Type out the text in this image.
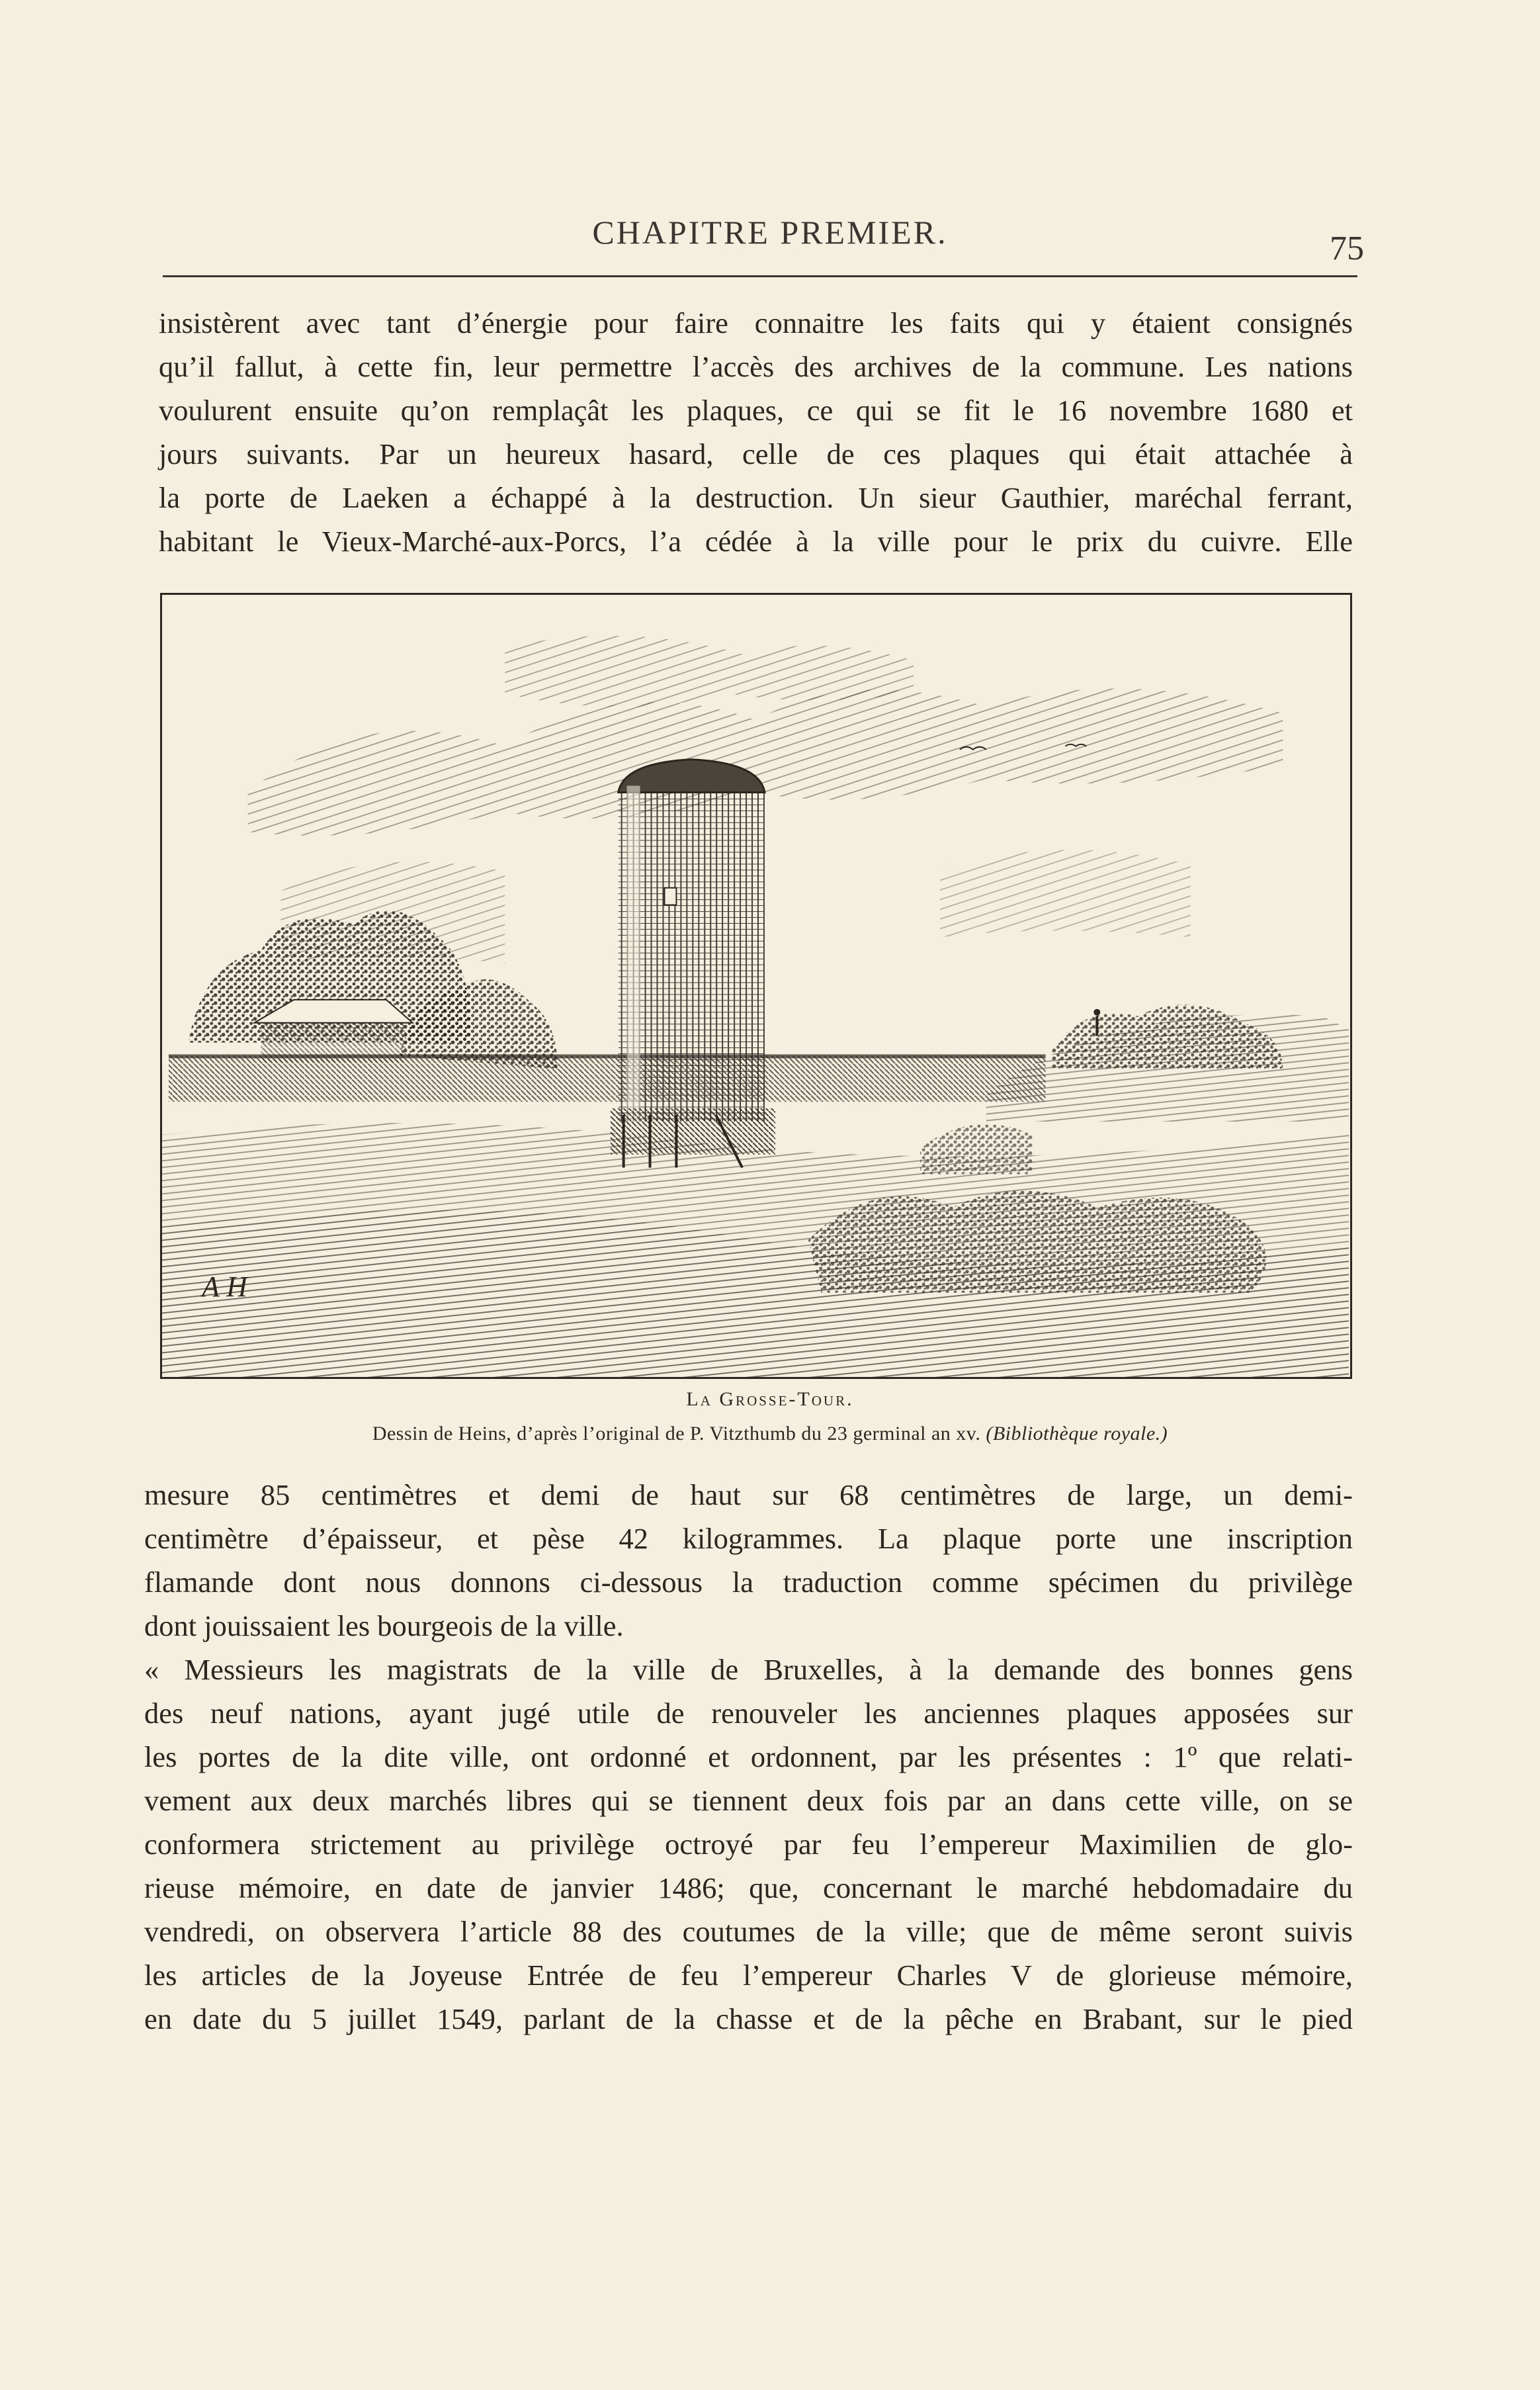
CHAPITRE PREMIER.	75
insistèrent avec tant d’énergie pour faire connaitre les faits qui y étaient consignés
qu’il fallut, à cette fin, leur permettre l’accès des archives de la commune. Les nations
voulurent ensuite qu’on remplaçât les plaques, ce qui se fit le 16 novembre 1680 et
jours suivants. Par un heureux hasard, celle de ces plaques qui était attachée à
la porte de Laeken a échappé à la destruction. Un sieur Gauthier, maréchal ferrant,
habitant le Vieux-Marché-aux-Porcs, l’a cédée à la ville pour le prix du cuivre. Elle
A H
La Grosse-Tour.
Dessin de Heins, d’après l’original de P. Vitzthumb du 23 germinal an xv. (Bibliothèque royale.)
mesure 85 centimètres et demi de haut sur 68 centimètres de large, un demi-
centimètre d’épaisseur, et pèse 42 kilogrammes. La plaque porte une inscription
flamande dont nous donnons ci-dessous la traduction comme spécimen du privilège
dont jouissaient les bourgeois de la ville.
« Messieurs les magistrats de la ville de Bruxelles, à la demande des bonnes gens
des neuf nations, ayant jugé utile de renouveler les anciennes plaques apposées sur
les portes de la dite ville, ont ordonné et ordonnent, par les présentes : 1º que relati-
vement aux deux marchés libres qui se tiennent deux fois par an dans cette ville, on se
conformera strictement au privilège octroyé par feu l’empereur Maximilien de glo-
rieuse mémoire, en date de janvier 1486; que, concernant le marché hebdomadaire du
vendredi, on observera l’article 88 des coutumes de la ville; que de même seront suivis
les articles de la Joyeuse Entrée de feu l’empereur Charles V de glorieuse mémoire,
en date du 5 juillet 1549, parlant de la chasse et de la pêche en Brabant, sur le pied
